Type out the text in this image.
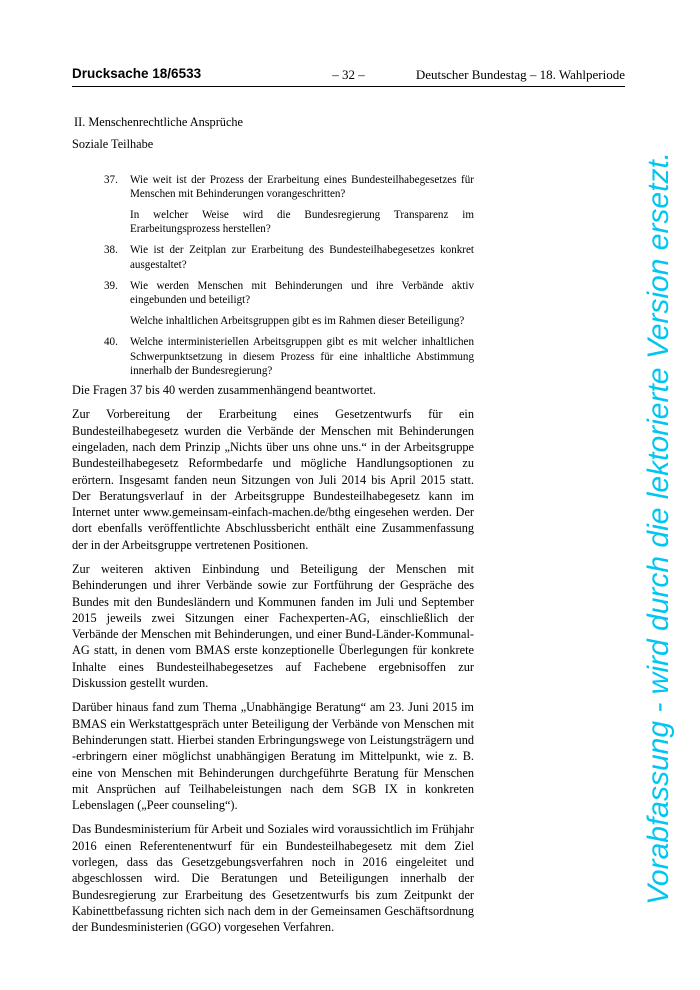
Drucksache 18/6533	– 32 –	Deutscher Bundestag – 18. Wahlperiode
II. Menschenrechtliche Ansprüche
Soziale Teilhabe
37. Wie weit ist der Prozess der Erarbeitung eines Bundesteilhabegesetzes für Menschen mit Behinderungen vorangeschritten?

In welcher Weise wird die Bundesregierung Transparenz im Erarbeitungsprozess herstellen?

38. Wie ist der Zeitplan zur Erarbeitung des Bundesteilhabegesetzes konkret ausgestaltet?

39. Wie werden Menschen mit Behinderungen und ihre Verbände aktiv eingebunden und beteiligt?

Welche inhaltlichen Arbeitsgruppen gibt es im Rahmen dieser Beteiligung?

40. Welche interministeriellen Arbeitsgruppen gibt es mit welcher inhaltlichen Schwerpunktsetzung in diesem Prozess für eine inhaltliche Abstimmung innerhalb der Bundesregierung?

Die Fragen 37 bis 40 werden zusammenhängend beantwortet.

Zur Vorbereitung der Erarbeitung eines Gesetzentwurfs für ein Bundesteilhabegesetz wurden die Verbände der Menschen mit Behinderungen eingeladen, nach dem Prinzip „Nichts über uns ohne uns.“ in der Arbeitsgruppe Bundesteilhabegesetz Reformbedarfe und mögliche Handlungsoptionen zu erörtern. Insgesamt fanden neun Sitzungen von Juli 2014 bis April 2015 statt. Der Beratungsverlauf in der Arbeitsgruppe Bundesteilhabegesetz kann im Internet unter www.gemeinsam-einfach-machen.de/bthg eingesehen werden. Der dort ebenfalls veröffentlichte Abschlussbericht enthält eine Zusammenfassung der in der Arbeitsgruppe vertretenen Positionen.

Zur weiteren aktiven Einbindung und Beteiligung der Menschen mit Behinderungen und ihrer Verbände sowie zur Fortführung der Gespräche des Bundes mit den Bundesländern und Kommunen fanden im Juli und September 2015 jeweils zwei Sitzungen einer Fachexperten-AG, einschließlich der Verbände der Menschen mit Behinderungen, und einer Bund-Länder-Kommunal-AG statt, in denen vom BMAS erste konzeptionelle Überlegungen für konkrete Inhalte eines Bundesteilhabegesetzes auf Fachebene ergebnisoffen zur Diskussion gestellt wurden.

Darüber hinaus fand zum Thema „Unabhängige Beratung“ am 23. Juni 2015 im BMAS ein Werkstattgespräch unter Beteiligung der Verbände von Menschen mit Behinderungen statt. Hierbei standen Erbringungswege von Leistungsträgern und -erbringern einer möglichst unabhängigen Beratung im Mittelpunkt, wie z. B. eine von Menschen mit Behinderungen durchgeführte Beratung für Menschen mit Ansprüchen auf Teilhabeleistungen nach dem SGB IX in konkreten Lebenslagen („Peer counseling“).

Das Bundesministerium für Arbeit und Soziales wird voraussichtlich im Frühjahr 2016 einen Referentenentwurf für ein Bundesteilhabegesetz mit dem Ziel vorlegen, dass das Gesetzgebungsverfahren noch in 2016 eingeleitet und abgeschlossen wird. Die Beratungen und Beteiligungen innerhalb der Bundesregierung zur Erarbeitung des Gesetzentwurfs bis zum Zeitpunkt der Kabinettbefassung richten sich nach dem in der Gemeinsamen Geschäftsordnung der Bundesministerien (GGO) vorgesehen Verfahren.

Vorabfassung - wird durch die lektorierte Version ersetzt.
